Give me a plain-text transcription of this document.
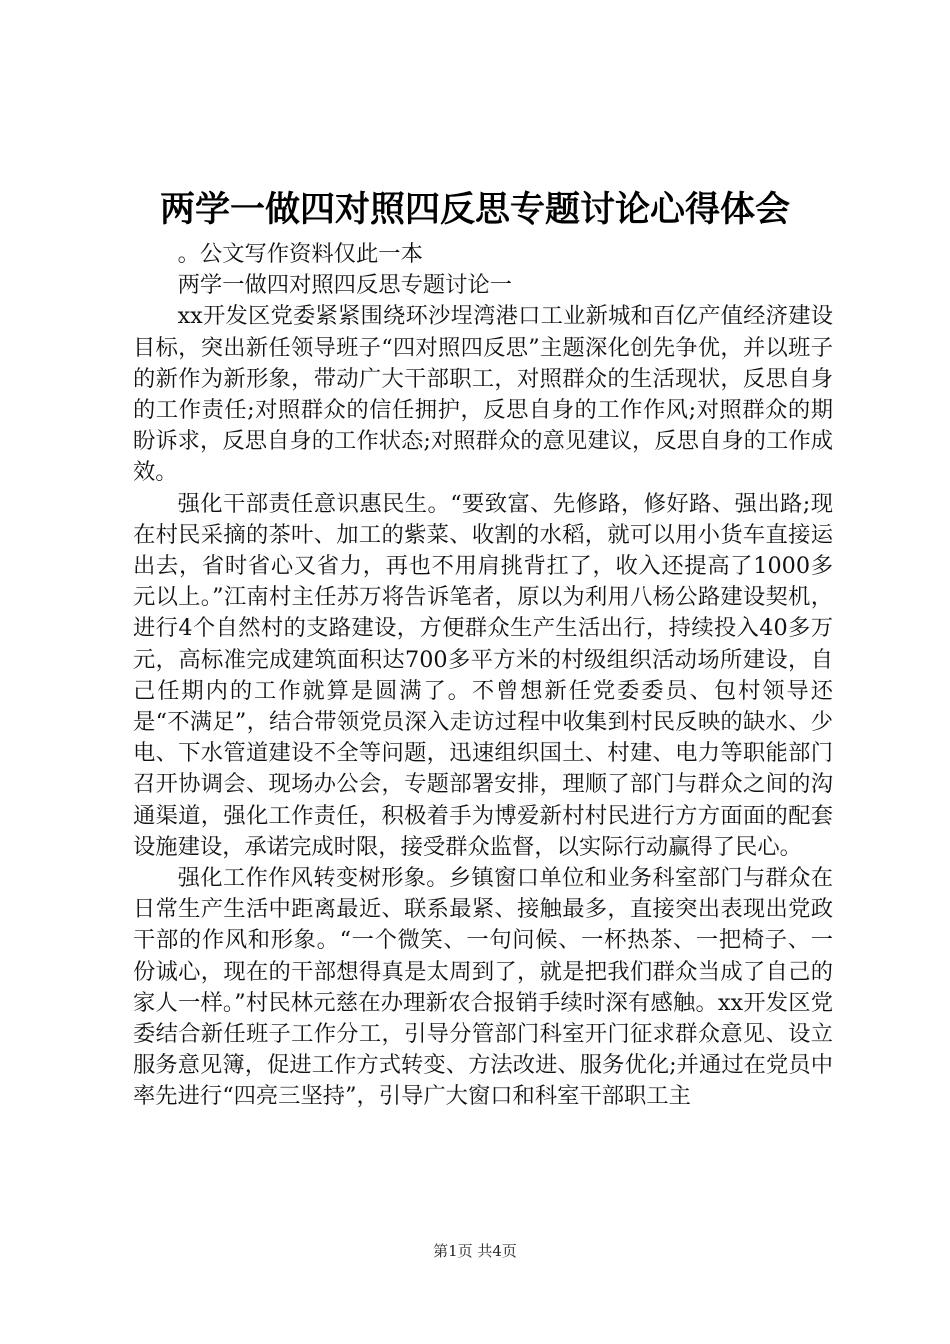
两学一做四对照四反思专题讨论心得体会

。公文写作资料仅此一本

两学一做四对照四反思专题讨论一

xx开发区党委紧紧围绕环沙埕湾港口工业新城和百亿产值经济建设目标，突出新任领导班子“四对照四反思”主题深化创先争优，并以班子的新作为新形象，带动广大干部职工，对照群众的生活现状，反思自身的工作责任;对照群众的信任拥护，反思自身的工作作风;对照群众的期盼诉求，反思自身的工作状态;对照群众的意见建议，反思自身的工作成效。

强化干部责任意识惠民生。“要致富、先修路，修好路、强出路;现在村民采摘的茶叶、加工的紫菜、收割的水稻，就可以用小货车直接运出去，省时省心又省力，再也不用肩挑背扛了，收入还提高了1000多元以上。”江南村主任苏万将告诉笔者，原以为利用八杨公路建设契机，进行4个自然村的支路建设，方便群众生产生活出行，持续投入40多万元，高标准完成建筑面积达700多平方米的村级组织活动场所建设，自己任期内的工作就算是圆满了。不曾想新任党委委员、包村领导还是“不满足”，结合带领党员深入走访过程中收集到村民反映的缺水、少电、下水管道建设不全等问题，迅速组织国土、村建、电力等职能部门召开协调会、现场办公会，专题部署安排，理顺了部门与群众之间的沟通渠道，强化工作责任，积极着手为博爱新村村民进行方方面面的配套设施建设，承诺完成时限，接受群众监督，以实际行动赢得了民心。

强化工作作风转变树形象。乡镇窗口单位和业务科室部门与群众在日常生产生活中距离最近、联系最紧、接触最多，直接突出表现出党政干部的作风和形象。“一个微笑、一句问候、一杯热茶、一把椅子、一份诚心，现在的干部想得真是太周到了，就是把我们群众当成了自己的家人一样。”村民林元慈在办理新农合报销手续时深有感触。xx开发区党委结合新任班子工作分工，引导分管部门科室开门征求群众意见、设立服务意见簿，促进工作方式转变、方法改进、服务优化;并通过在党员中率先进行“四亮三坚持”，引导广大窗口和科室干部职工主

第1页 共4页
